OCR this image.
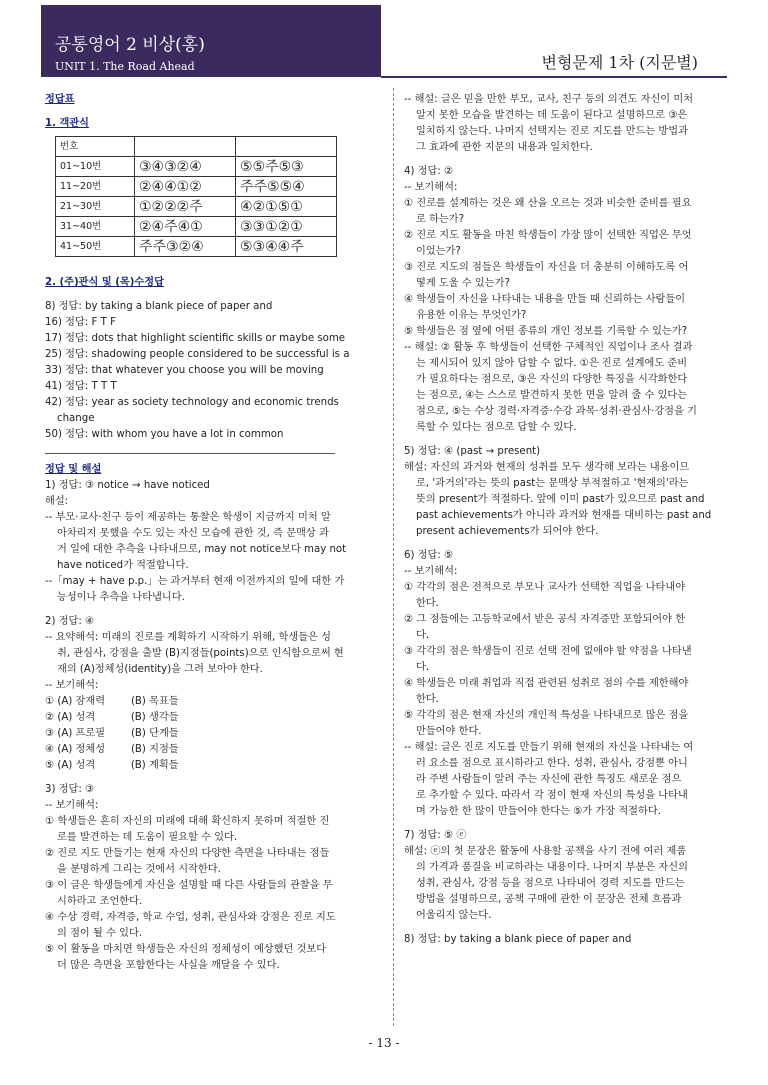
공통영어 2 비상(홍)
UNIT 1. The Road Ahead	변형문제 1차 (지문별)
정답표
1. 객관식
번호		
01~10번	③④③②④	⑤⑤주⑤③
11~20번	②④④①②	주주⑤⑤④
21~30번	①②②②주	④②①⑤①
31~40번	②④주④①	③③①②①
41~50번	주주③②④	⑤③④④주
2. (주)관식 및 (목)수정답
8) 정답: by taking a blank piece of paper and
16) 정답: F T F
17) 정답: dots that highlight scientific skills or maybe some
25) 정답: shadowing people considered to be successful is a
33) 정답: that whatever you choose you will be moving
41) 정답: T T T
42) 정답: year as society technology and economic trends
change
50) 정답: with whom you have a lot in common
정답 및 해설
1) 정답: ③ notice → have noticed
해설:
-- 부모·교사·친구 등이 제공하는 통찰은 학생이 지금까지 미처 알
아차리지 못했을 수도 있는 자신 모습에 관한 것, 즉 문맥상 과
거 일에 대한 추측을 나타내므로, may not notice보다 may not
have noticed가 적절합니다.
--「may + have p.p.」는 과거부터 현재 이전까지의 일에 대한 가
능성이나 추측을 나타냅니다.
2) 정답: ④
-- 요약해석: 미래의 진로를 계획하기 시작하기 위해, 학생들은 성
취, 관심사, 강점을 출발 (B)지점들(points)으로 인식함으로써 현
재의 (A)정체성(identity)을 그려 보아야 한다.
-- 보기해석:
① (A) 잠재력        (B) 목표들
② (A) 성격           (B) 생각들
③ (A) 프로필        (B) 단계들
④ (A) 정체성        (B) 지점들
⑤ (A) 성격           (B) 계획들
3) 정답: ③
-- 보기해석:
① 학생들은 흔히 자신의 미래에 대해 확신하지 못하며 적절한 진
로를 발견하는 데 도움이 필요할 수 있다.
② 진로 지도 만들기는 현재 자신의 다양한 측면을 나타내는 점들
을 분명하게 그리는 것에서 시작한다.
③ 이 글은 학생들에게 자신을 설명할 때 다른 사람들의 관찰을 무
시하라고 조언한다.
④ 수상 경력, 자격증, 학교 수업, 성취, 관심사와 강점은 진로 지도
의 점이 될 수 있다.
⑤ 이 활동을 마치면 학생들은 자신의 정체성이 예상했던 것보다
더 많은 측면을 포함한다는 사실을 깨달을 수 있다.
-- 해설: 글은 믿을 만한 부모, 교사, 친구 등의 의견도 자신이 미처
알지 못한 모습을 발견하는 데 도움이 된다고 설명하므로 ③은
일치하지 않는다. 나머지 선택지는 진로 지도를 만드는 방법과
그 효과에 관한 지문의 내용과 일치한다.
4) 정답: ②
-- 보기해석:
① 진로를 설계하는 것은 왜 산을 오르는 것과 비슷한 준비를 필요
로 하는가?
② 진로 지도 활동을 마친 학생들이 가장 많이 선택한 직업은 무엇
이었는가?
③ 진로 지도의 점들은 학생들이 자신을 더 충분히 이해하도록 어
떻게 도울 수 있는가?
④ 학생들이 자신을 나타내는 내용을 만들 때 신뢰하는 사람들이
유용한 이유는 무엇인가?
⑤ 학생들은 점 옆에 어떤 종류의 개인 정보를 기록할 수 있는가?
-- 해설: ② 활동 후 학생들이 선택한 구체적인 직업이나 조사 결과
는 제시되어 있지 않아 답할 수 없다. ①은 진로 설계에도 준비
가 필요하다는 점으로, ③은 자신의 다양한 특징을 시각화한다
는 점으로, ④는 스스로 발견하지 못한 면을 알려 줄 수 있다는
점으로, ⑤는 수상 경력·자격증·수강 과목·성취·관심사·강점을 기
록할 수 있다는 점으로 답할 수 있다.
5) 정답: ④ (past → present)
해설: 자신의 과거와 현재의 성취를 모두 생각해 보라는 내용이므
로, '과거의'라는 뜻의 past는 문맥상 부적절하고 '현재의'라는
뜻의 present가 적절하다. 앞에 이미 past가 있으므로 past and
past achievements가 아니라 과거와 현재를 대비하는 past and
present achievements가 되어야 한다.
6) 정답: ⑤
-- 보기해석:
① 각각의 점은 전적으로 부모나 교사가 선택한 직업을 나타내야
한다.
② 그 점들에는 고등학교에서 받은 공식 자격증만 포함되어야 한
다.
③ 각각의 점은 학생들이 진로 선택 전에 없애야 할 약점을 나타낸
다.
④ 학생들은 미래 취업과 직접 관련된 성취로 점의 수를 제한해야
한다.
⑤ 각각의 점은 현재 자신의 개인적 특성을 나타내므로 많은 점을
만들어야 한다.
-- 해설: 글은 진로 지도를 만들기 위해 현재의 자신을 나타내는 여
러 요소를 점으로 표시하라고 한다. 성취, 관심사, 강점뿐 아니
라 주변 사람들이 알려 주는 자신에 관한 특징도 새로운 점으
로 추가할 수 있다. 따라서 각 점이 현재 자신의 특성을 나타내
며 가능한 한 많이 만들어야 한다는 ⑤가 가장 적절하다.
7) 정답: ⑤ ⓔ
해설: ⓔ의 첫 문장은 활동에 사용할 공책을 사기 전에 여러 제품
의 가격과 품질을 비교하라는 내용이다. 나머지 부분은 자신의
성취, 관심사, 강점 등을 점으로 나타내어 경력 지도를 만드는
방법을 설명하므로, 공책 구매에 관한 이 문장은 전체 흐름과
어울리지 않는다.
8) 정답: by taking a blank piece of paper and
- 13 -
